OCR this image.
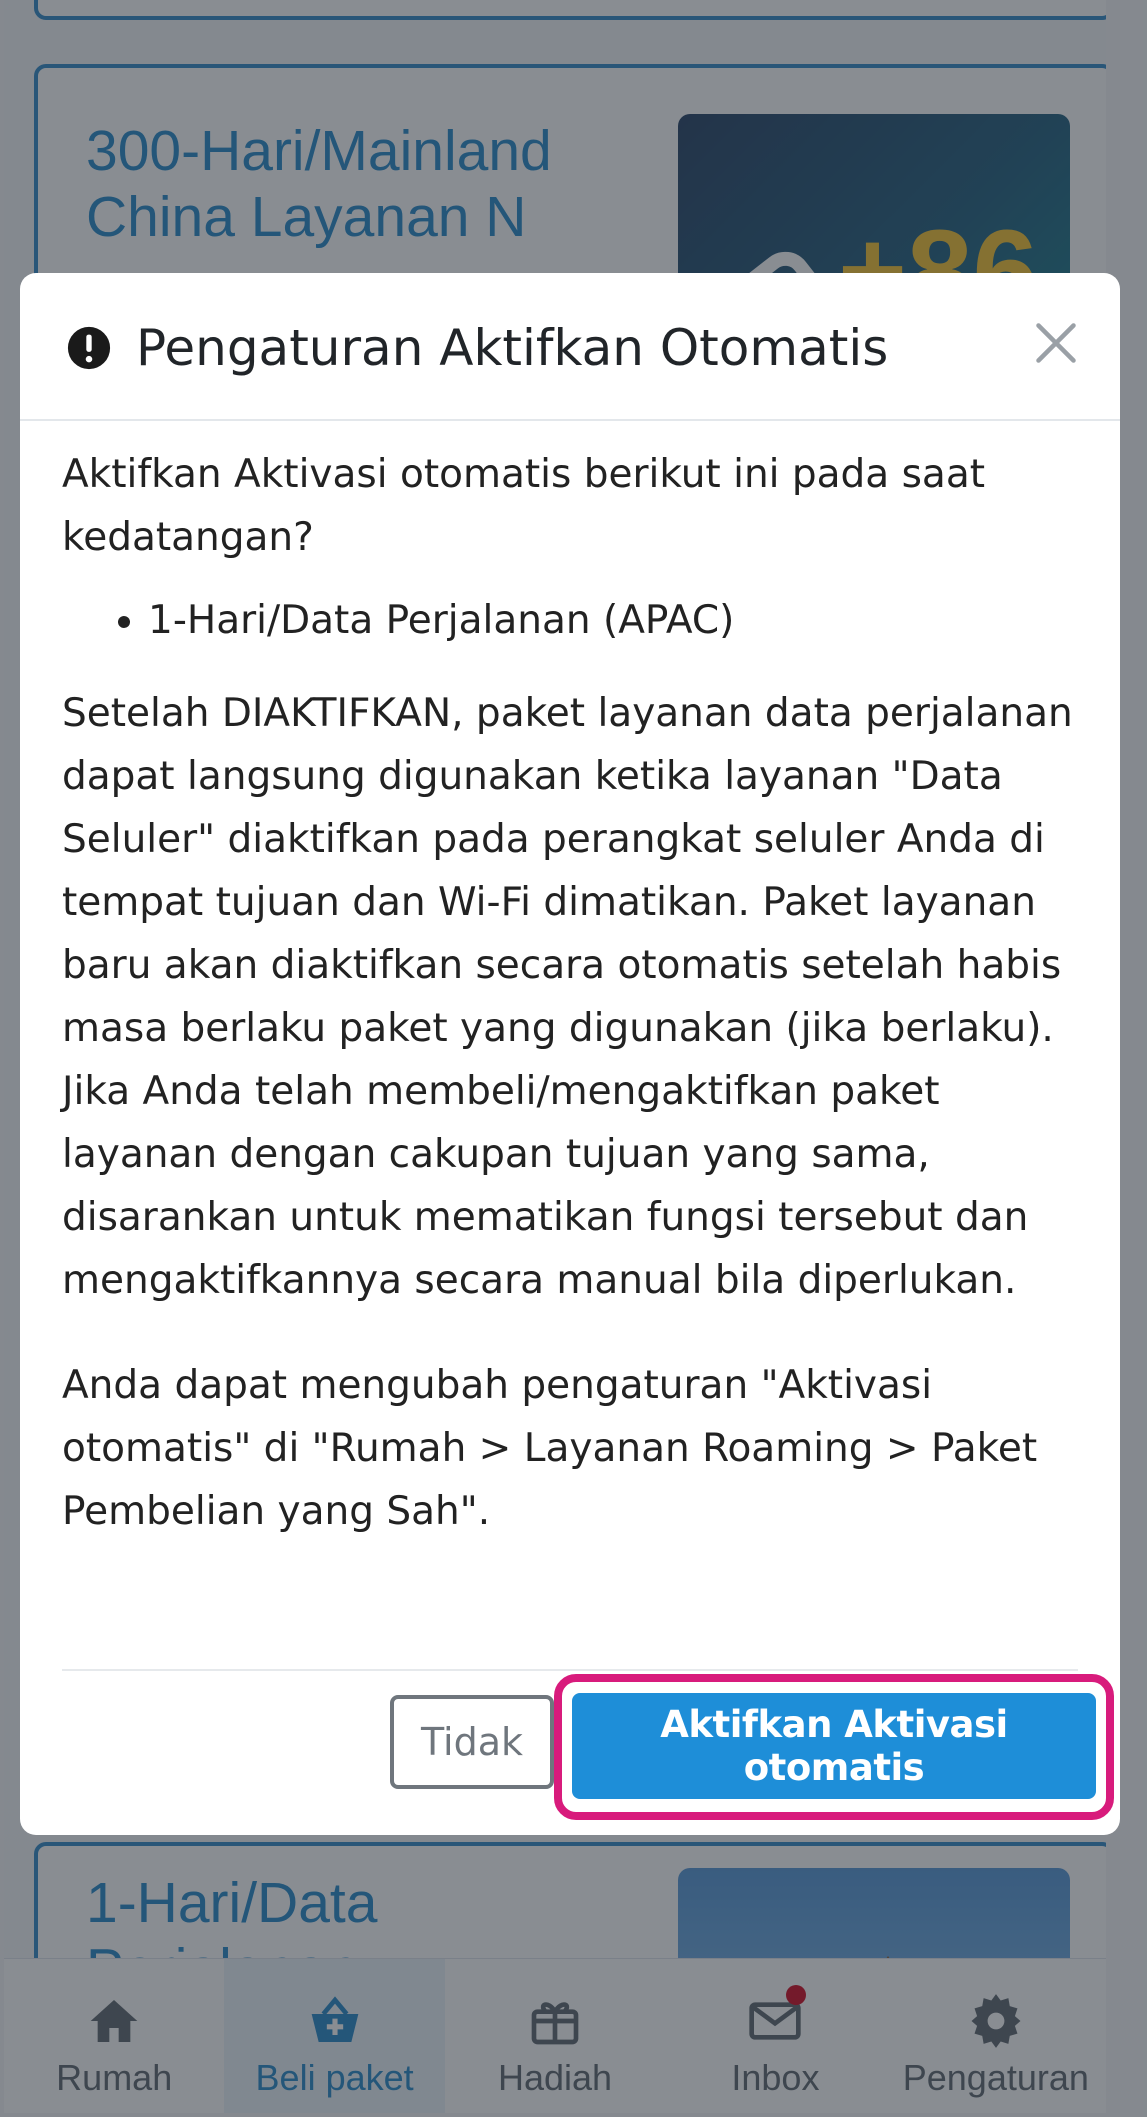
Pengaturan Aktifkan Otomatis

Aktifkan Aktivasi otomatis berikut ini pada saat kedatangan?

• 1-Hari/Data Perjalanan (APAC)

Setelah DIAKTIFKAN, paket layanan data perjalanan dapat langsung digunakan ketika layanan "Data Seluler" diaktifkan pada perangkat seluler Anda di tempat tujuan dan Wi-Fi dimatikan. Paket layanan baru akan diaktifkan secara otomatis setelah habis masa berlaku paket yang digunakan (jika berlaku). Jika Anda telah membeli/mengaktifkan paket layanan dengan cakupan tujuan yang sama, disarankan untuk mematikan fungsi tersebut dan mengaktifkannya secara manual bila diperlukan.

Anda dapat mengubah pengaturan "Aktivasi otomatis" di "Rumah > Layanan Roaming > Paket Pembelian yang Sah".

Tidak	Aktifkan Aktivasi otomatis
